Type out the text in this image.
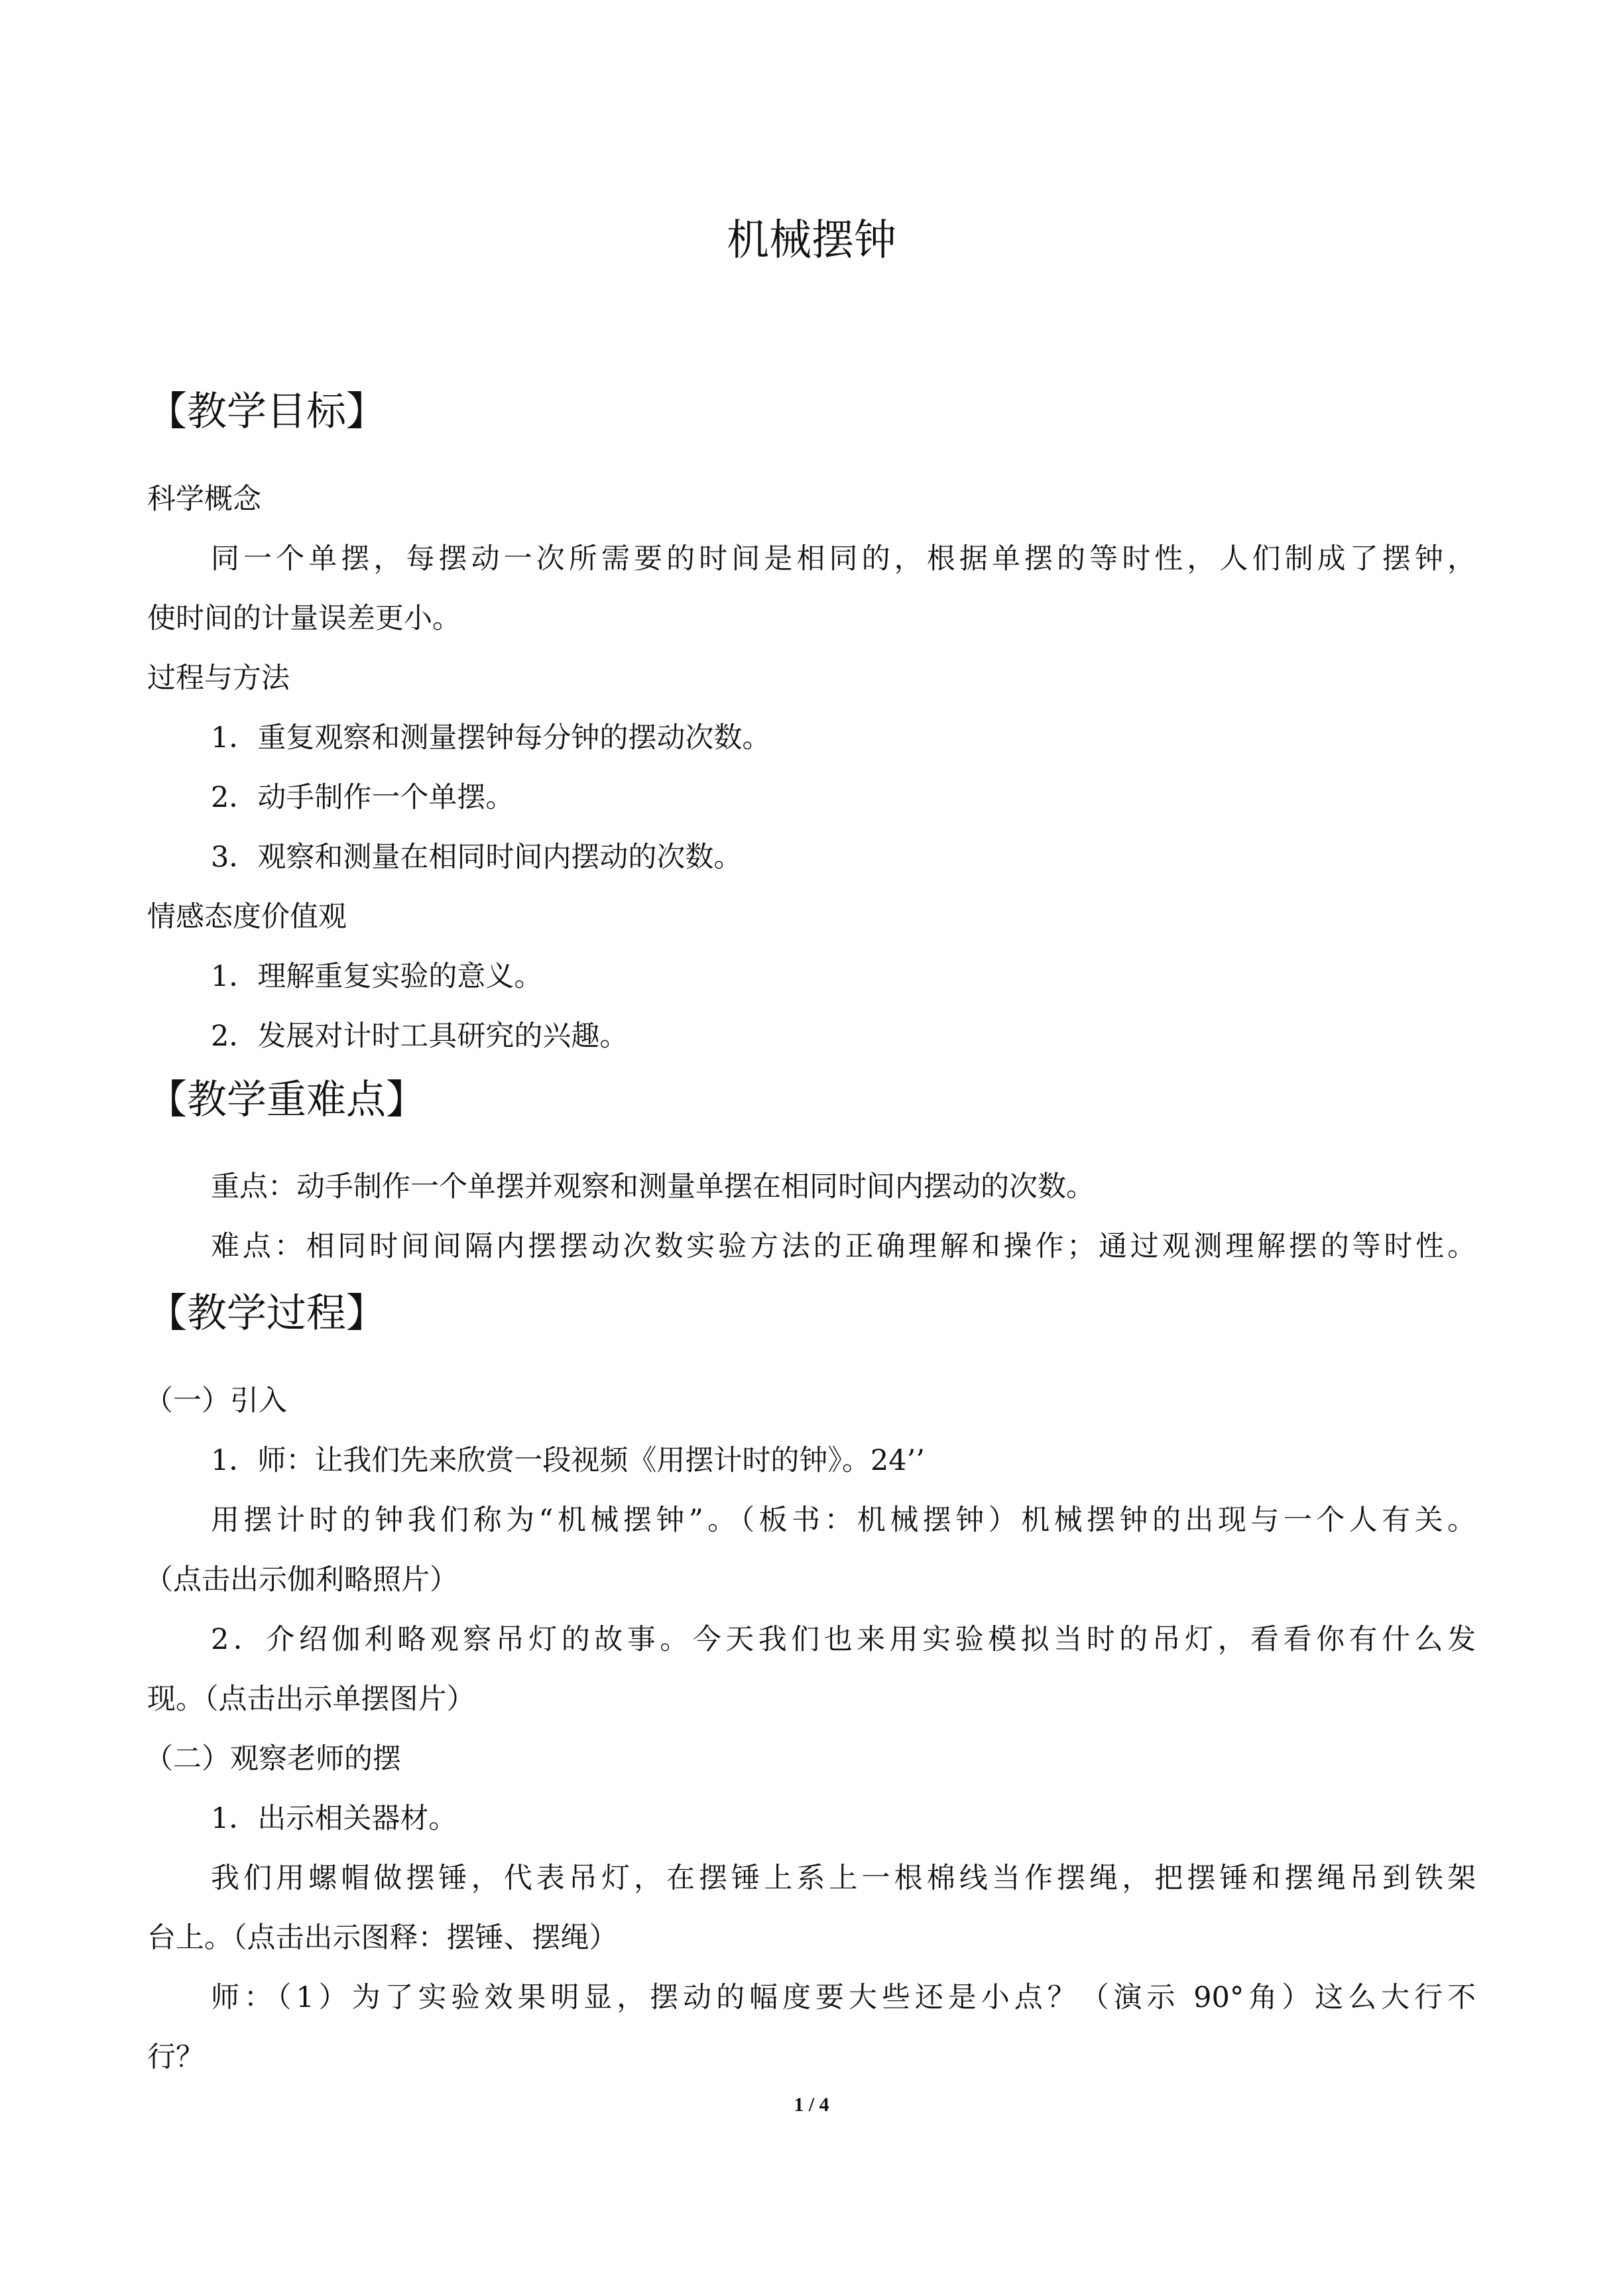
机械摆钟
【教学目标】
科学概念
同一个单摆，每摆动一次所需要的时间是相同的，根据单摆的等时性，人们制成了摆钟，
使时间的计量误差更小。
过程与方法
1．重复观察和测量摆钟每分钟的摆动次数。
2．动手制作一个单摆。
3．观察和测量在相同时间内摆动的次数。
情感态度价值观
1．理解重复实验的意义。
2．发展对计时工具研究的兴趣。
【教学重难点】
重点：动手制作一个单摆并观察和测量单摆在相同时间内摆动的次数。
难点：相同时间间隔内摆摆动次数实验方法的正确理解和操作；通过观测理解摆的等时性。
【教学过程】
（一）引入
1．师：让我们先来欣赏一段视频《用摆计时的钟》。24’’
用摆计时的钟我们称为“机械摆钟”。（板书：机械摆钟）机械摆钟的出现与一个人有关。
（点击出示伽利略照片）
2．介绍伽利略观察吊灯的故事。今天我们也来用实验模拟当时的吊灯，看看你有什么发
现。（点击出示单摆图片）
（二）观察老师的摆
1．出示相关器材。
我们用螺帽做摆锤，代表吊灯，在摆锤上系上一根棉线当作摆绳，把摆锤和摆绳吊到铁架
台上。（点击出示图释：摆锤、摆绳）
师：（1）为了实验效果明显，摆动的幅度要大些还是小点？（演示 90°角）这么大行不
行？
1 / 4
